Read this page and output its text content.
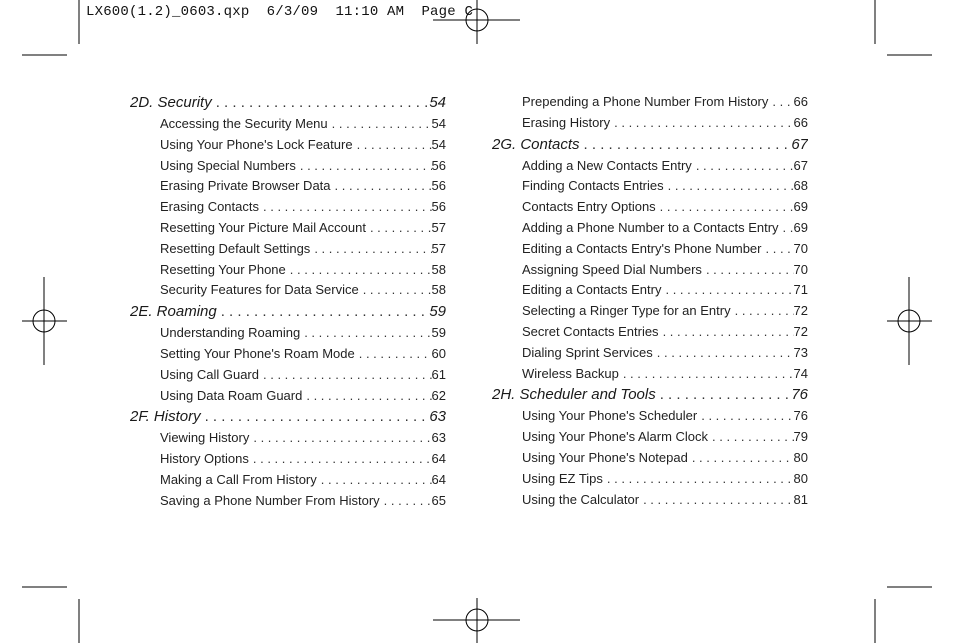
LX600(1.2)_0603.qxp  6/3/09  11:10 AM  Page C
2D. Security . . .	54
Accessing the Security Menu . . .	54
Using Your Phone's Lock Feature . . .	54
Using Special Numbers . . .	56
Erasing Private Browser Data . . .	56
Erasing Contacts . . .	56
Resetting Your Picture Mail Account . . .	57
Resetting Default Settings . . .	57
Resetting Your Phone . . .	58
Security Features for Data Service . . .	58
2E. Roaming . . .	59
Understanding Roaming . . .	59
Setting Your Phone's Roam Mode . . .	60
Using Call Guard . . .	61
Using Data Roam Guard . . .	62
2F. History . . .	63
Viewing History . . .	63
History Options . . .	64
Making a Call From History . . .	64
Saving a Phone Number From History . . .	65
Prepending a Phone Number From History . . .	66
Erasing History . . .	66
2G. Contacts . . .	67
Adding a New Contacts Entry . . .	67
Finding Contacts Entries . . .	68
Contacts Entry Options . . .	69
Adding a Phone Number to a Contacts Entry . . .	69
Editing a Contacts Entry's Phone Number . . .	70
Assigning Speed Dial Numbers . . .	70
Editing a Contacts Entry . . .	71
Selecting a Ringer Type for an Entry . . .	72
Secret Contacts Entries . . .	72
Dialing Sprint Services . . .	73
Wireless Backup . . .	74
2H. Scheduler and Tools . . .	76
Using Your Phone's Scheduler . . .	76
Using Your Phone's Alarm Clock . . .	79
Using Your Phone's Notepad . . .	80
Using EZ Tips . . .	80
Using the Calculator . . .	81
